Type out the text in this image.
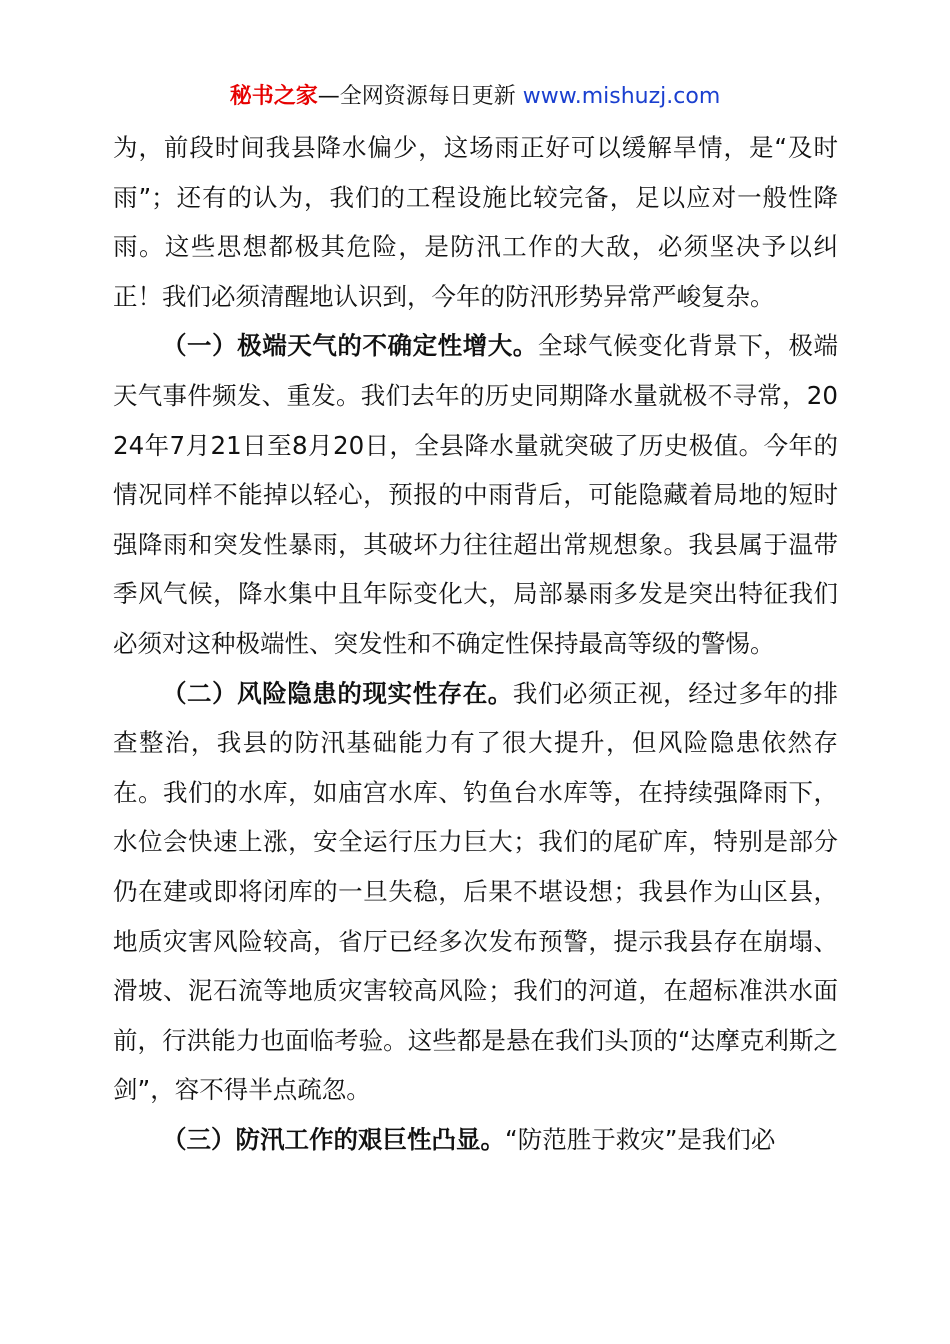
秘书之家—全网资源每日更新 www.mishuzj.com

为，前段时间我县降水偏少，这场雨正好可以缓解旱情，是“及时雨”；还有的认为，我们的工程设施比较完备，足以应对一般性降雨。这些思想都极其危险，是防汛工作的大敌，必须坚决予以纠正！我们必须清醒地认识到，今年的防汛形势异常严峻复杂。

（一）极端天气的不确定性增大。全球气候变化背景下，极端天气事件频发、重发。我们去年的历史同期降水量就极不寻常，2024年7月21日至8月20日，全县降水量就突破了历史极值。今年的情况同样不能掉以轻心，预报的中雨背后，可能隐藏着局地的短时强降雨和突发性暴雨，其破坏力往往超出常规想象。我县属于温带季风气候，降水集中且年际变化大，局部暴雨多发是突出特征我们必须对这种极端性、突发性和不确定性保持最高等级的警惕。

（二）风险隐患的现实性存在。我们必须正视，经过多年的排查整治，我县的防汛基础能力有了很大提升，但风险隐患依然存在。我们的水库，如庙宫水库、钓鱼台水库等，在持续强降雨下，水位会快速上涨，安全运行压力巨大；我们的尾矿库，特别是部分仍在建或即将闭库的一旦失稳，后果不堪设想；我县作为山区县，地质灾害风险较高，省厅已经多次发布预警，提示我县存在崩塌、滑坡、泥石流等地质灾害较高风险；我们的河道，在超标准洪水面前，行洪能力也面临考验。这些都是悬在我们头顶的“达摩克利斯之剑”，容不得半点疏忽。

（三）防汛工作的艰巨性凸显。“防范胜于救灾”是我们必
